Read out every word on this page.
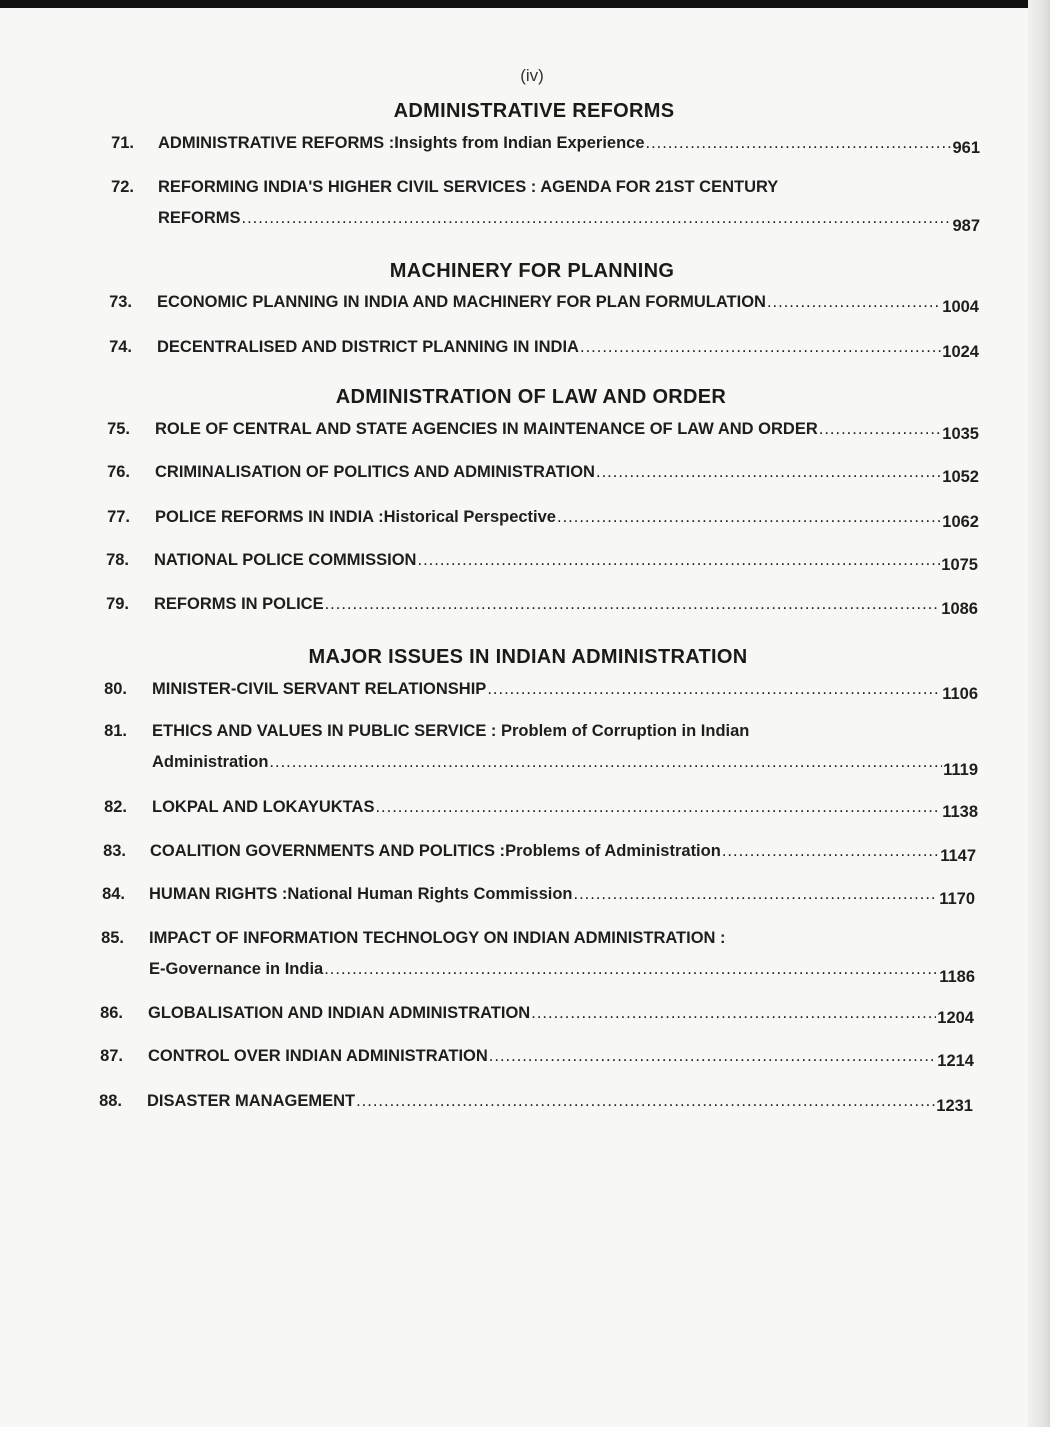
(iv)
ADMINISTRATIVE REFORMS
71. ADMINISTRATIVE REFORMS : Insights from Indian Experience .....	961
72. REFORMING INDIA'S HIGHER CIVIL SERVICES : AGENDA FOR 21ST CENTURY
REFORMS .....	987
MACHINERY FOR PLANNING
73. ECONOMIC PLANNING IN INDIA AND MACHINERY FOR PLAN FORMULATION .....	1004
74. DECENTRALISED AND DISTRICT PLANNING IN INDIA .....	1024
ADMINISTRATION OF LAW AND ORDER
75. ROLE OF CENTRAL AND STATE AGENCIES IN MAINTENANCE OF LAW AND ORDER .....	1035
76. CRIMINALISATION OF POLITICS AND ADMINISTRATION .....	1052
77. POLICE REFORMS IN INDIA : Historical Perspective .....	1062
78. NATIONAL POLICE COMMISSION .....	1075
79. REFORMS IN POLICE .....	1086
MAJOR ISSUES IN INDIAN ADMINISTRATION
80. MINISTER-CIVIL SERVANT RELATIONSHIP .....	1106
81. ETHICS AND VALUES IN PUBLIC SERVICE : Problem of Corruption in Indian
Administration .....	1119
82. LOKPAL AND LOKAYUKTAS .....	1138
83. COALITION GOVERNMENTS AND POLITICS : Problems of Administration .....	1147
84. HUMAN RIGHTS : National Human Rights Commission .....	1170
85. IMPACT OF INFORMATION TECHNOLOGY ON INDIAN ADMINISTRATION :
E-Governance in India .....	1186
86. GLOBALISATION AND INDIAN ADMINISTRATION .....	1204
87. CONTROL OVER INDIAN ADMINISTRATION .....	1214
88. DISASTER MANAGEMENT .....	1231
